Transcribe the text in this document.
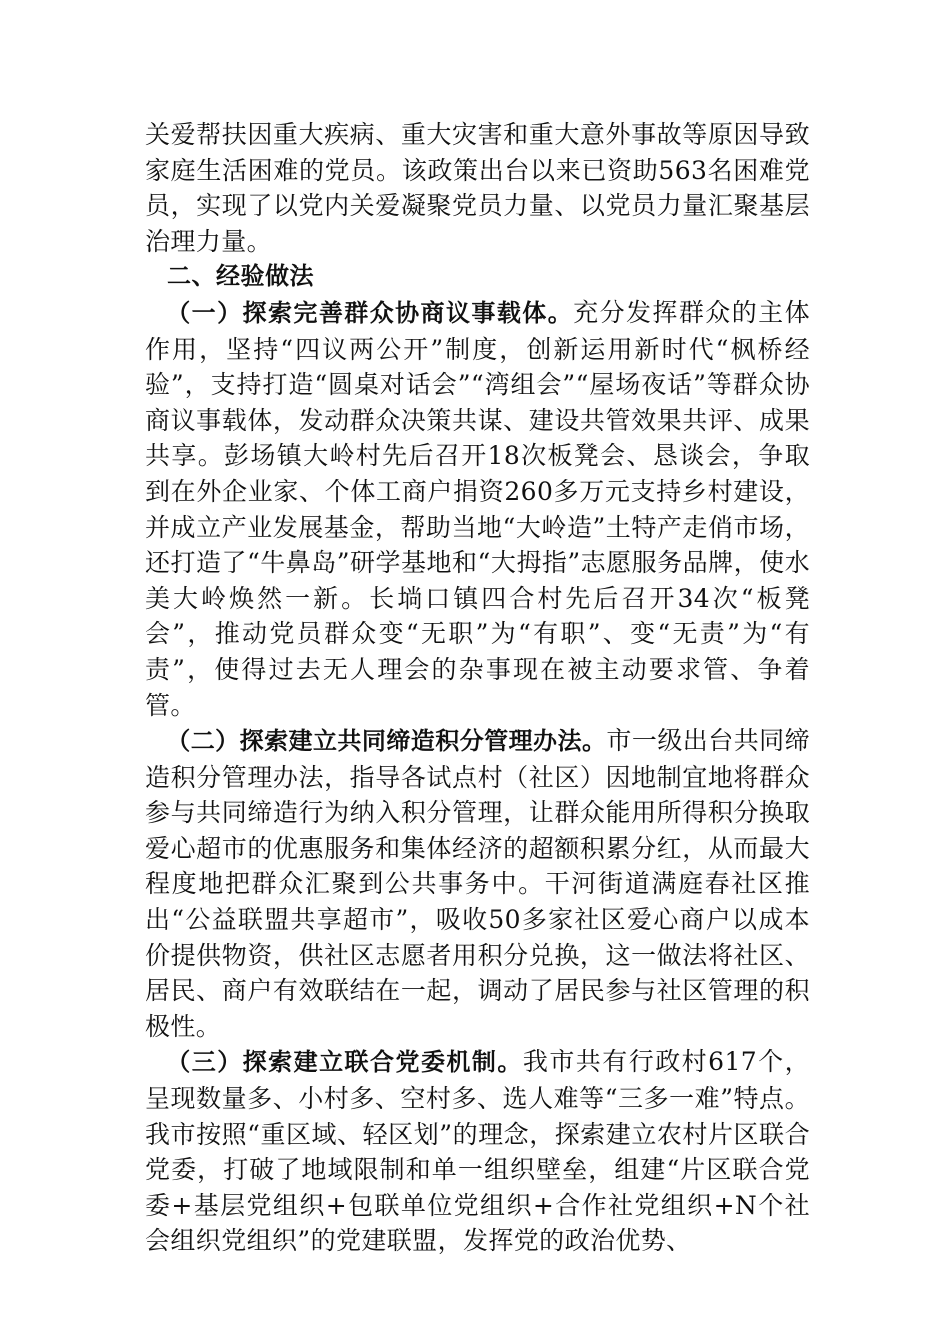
关爱帮扶因重大疾病、重大灾害和重大意外事故等原因导致家庭生活困难的党员。该政策出台以来已资助563名困难党员，实现了以党内关爱凝聚党员力量、以党员力量汇聚基层治理力量。

二、经验做法

（一）探索完善群众协商议事载体。充分发挥群众的主体作用，坚持“四议两公开”制度，创新运用新时代“枫桥经验”，支持打造“圆桌对话会”“湾组会”“屋场夜话”等群众协商议事载体，发动群众决策共谋、建设共管效果共评、成果共享。彭场镇大岭村先后召开18次板凳会、恳谈会，争取到在外企业家、个体工商户捐资260多万元支持乡村建设，并成立产业发展基金，帮助当地“大岭造”土特产走俏市场，还打造了“牛鼻岛”研学基地和“大拇指”志愿服务品牌，使水美大岭焕然一新。长埫口镇四合村先后召开34次“板凳会”，推动党员群众变“无职”为“有职”、变“无责”为“有责”，使得过去无人理会的杂事现在被主动要求管、争着管。

（二）探索建立共同缔造积分管理办法。市一级出台共同缔造积分管理办法，指导各试点村（社区）因地制宜地将群众参与共同缔造行为纳入积分管理，让群众能用所得积分换取爱心超市的优惠服务和集体经济的超额积累分红，从而最大程度地把群众汇聚到公共事务中。干河街道满庭春社区推出“公益联盟共享超市”，吸收50多家社区爱心商户以成本价提供物资，供社区志愿者用积分兑换，这一做法将社区、居民、商户有效联结在一起，调动了居民参与社区管理的积极性。

（三）探索建立联合党委机制。我市共有行政村617个，呈现数量多、小村多、空村多、选人难等“三多一难”特点。我市按照“重区域、轻区划”的理念，探索建立农村片区联合党委，打破了地域限制和单一组织壁垒，组建“片区联合党委+基层党组织+包联单位党组织+合作社党组织+N个社会组织党组织”的党建联盟，发挥党的政治优势、
